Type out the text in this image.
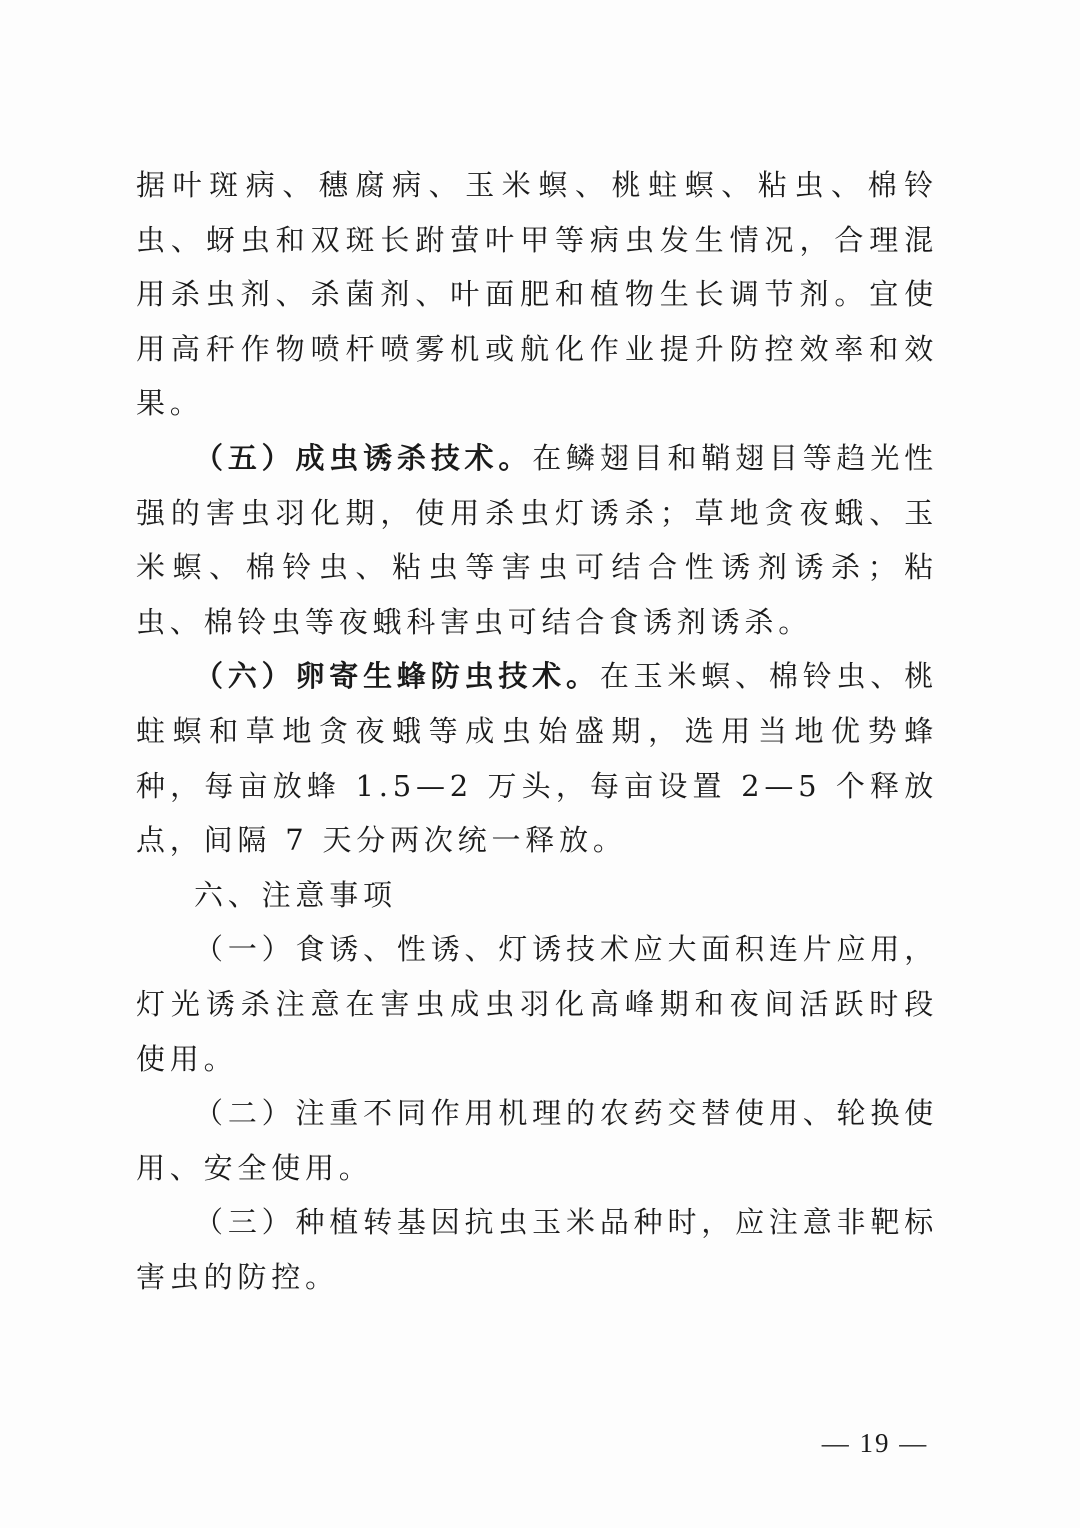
据叶斑病、穗腐病、玉米螟、桃蛀螟、粘虫、棉铃虫、蚜虫和双斑长跗萤叶甲等病虫发生情况，合理混用杀虫剂、杀菌剂、叶面肥和植物生长调节剂。宜使用高秆作物喷杆喷雾机或航化作业提升防控效率和效果。

（五）成虫诱杀技术。在鳞翅目和鞘翅目等趋光性强的害虫羽化期，使用杀虫灯诱杀；草地贪夜蛾、玉米螟、棉铃虫、粘虫等害虫可结合性诱剂诱杀；粘虫、棉铃虫等夜蛾科害虫可结合食诱剂诱杀。

（六）卵寄生蜂防虫技术。在玉米螟、棉铃虫、桃蛀螟和草地贪夜蛾等成虫始盛期，选用当地优势蜂种，每亩放蜂 1.5—2 万头，每亩设置 2—5 个释放点，间隔 7 天分两次统一释放。

六、注意事项

（一）食诱、性诱、灯诱技术应大面积连片应用，灯光诱杀注意在害虫成虫羽化高峰期和夜间活跃时段使用。

（二）注重不同作用机理的农药交替使用、轮换使用、安全使用。

（三）种植转基因抗虫玉米品种时，应注意非靶标害虫的防控。

— 19 —
